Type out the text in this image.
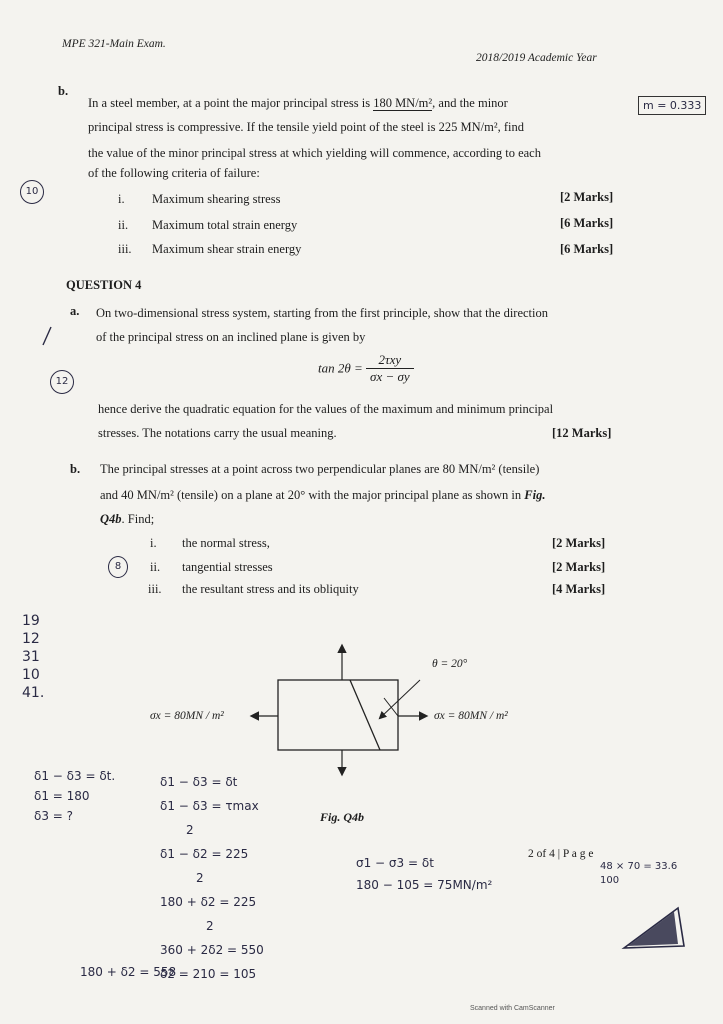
MPE 321-Main Exam.
2018/2019 Academic Year
b.
In a steel member, at a point the major principal stress is 180 MN/m², and the minor
principal stress is compressive. If the tensile yield point of the steel is 225 MN/m², find
the value of the minor principal stress at which yielding will commence, according to each
of the following criteria of failure:
i. Maximum shearing stress	[2 Marks]
ii. Maximum total strain energy	[6 Marks]
iii. Maximum shear strain energy	[6 Marks]
QUESTION 4
a. On two-dimensional stress system, starting from the first principle, show that the direction
of the principal stress on an inclined plane is given by
$\tan 2\theta = \frac{\text{2τxy}}{\sigma x - \sigma y}$
hence derive the quadratic equation for the values of the maximum and minimum principal
stresses. The notations carry the usual meaning.	[12 Marks]
b. The principal stresses at a point across two perpendicular planes are 80 MN/m² (tensile)
and 40 MN/m² (tensile) on a plane at 20° with the major principal plane as shown in Fig.
Q4b. Find;
i. the normal stress,	[2 Marks]
ii. tangential stresses	[2 Marks]
iii. the resultant stress and its obliquity	[4 Marks]
θ = 20°
σx = 80MN / m²	σx = 80MN / m²
Fig. Q4b
2 of 4 | P a g e
Scanned with CamScanner
m = 0.333
10
12
8
19
12
31
10
41.
δ1 − δ3 = δt.
δ1 = 180
δ3 = ?
δ1 − δ3 = δt
δ1 − δ3 = τmax
2
δ1 − δ2 = 225
2
180 + δ2 = 225
2
360 + 2δ2 = 550
δ2 = 210 = 105
180 + δ2 = 558
σ1 − σ3 = δt
180 − 105 = 75MN/m²
48 × 70 = 33.6
100
